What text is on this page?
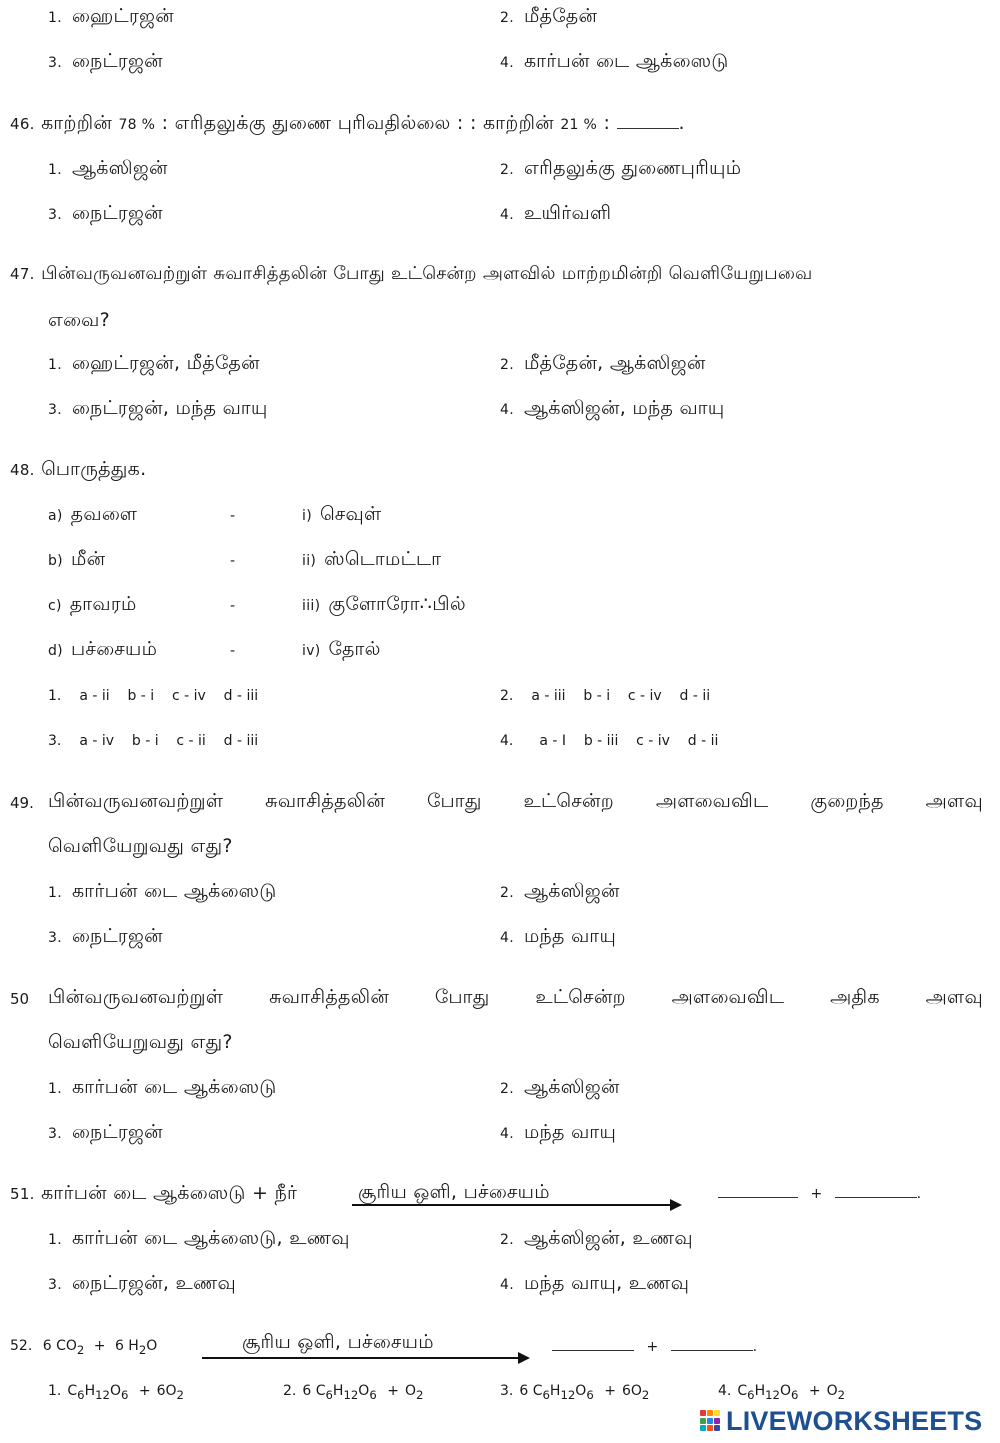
1. ஹைட்ரஜன்	2. மீத்தேன்
3. நைட்ரஜன்	4. கார்பன் டை ஆக்ஸைடு
46. காற்றின் 78 % : எரிதலுக்கு துணை புரிவதில்லை : : காற்றின் 21 % :	.
1. ஆக்ஸிஜன்	2. எரிதலுக்கு துணைபுரியும்
3. நைட்ரஜன்	4. உயிர்வளி
47. பின்வருவனவற்றுள் சுவாசித்தலின் போது உட்சென்ற அளவில் மாற்றமின்றி வெளியேறுபவை
எவை?
1. ஹைட்ரஜன், மீத்தேன்	2. மீத்தேன், ஆக்ஸிஜன்
3. நைட்ரஜன், மந்த வாயு	4. ஆக்ஸிஜன், மந்த வாயு
48. பொருத்துக.
a) தவளை	-	i) செவுள்
b) மீன்	-	ii) ஸ்டொமட்டா
c) தாவரம்	-	iii) குளோரோ∴பில்
d) பச்சையம்	-	iv) தோல்
1. a - ii    b - i    c - iv    d - iii	2. a - iii    b - i    c - iv    d - ii
3. a - iv    b - i    c - ii    d - iii	4. a - I    b - iii    c - iv    d - ii
49. பின்வருவனவற்றுள் சுவாசித்தலின் போது உட்சென்ற அளவைவிட குறைந்த அளவு
வெளியேறுவது எது?
1. கார்பன் டை ஆக்ஸைடு	2. ஆக்ஸிஜன்
3. நைட்ரஜன்	4. மந்த வாயு
50 பின்வருவனவற்றுள் சுவாசித்தலின் போது உட்சென்ற அளவைவிட அதிக அளவு
வெளியேறுவது எது?
1. கார்பன் டை ஆக்ஸைடு	2. ஆக்ஸிஜன்
3. நைட்ரஜன்	4. மந்த வாயு
51. கார்பன் டை ஆக்ஸைடு + நீர்	சூரிய ஒளி, பச்சையம்	+	.
1. கார்பன் டை ஆக்ஸைடு, உணவு	2. ஆக்ஸிஜன், உணவு
3. நைட்ரஜன், உணவு	4. மந்த வாயு, உணவு
52. 6 $CO_2 + 6$ $H_2O$	சூரிய ஒளி, பச்சையம்	+	.
1. $C_6H_{12}O_6 + 6O_2$	2. 6 $C_6H_{12}O_6 + O_2$	3. 6 $C_6H_{12}O_6 + 6O_2$	4. $C_6H_{12}O_6 + O_2$
LIVEWORKSHEETS
